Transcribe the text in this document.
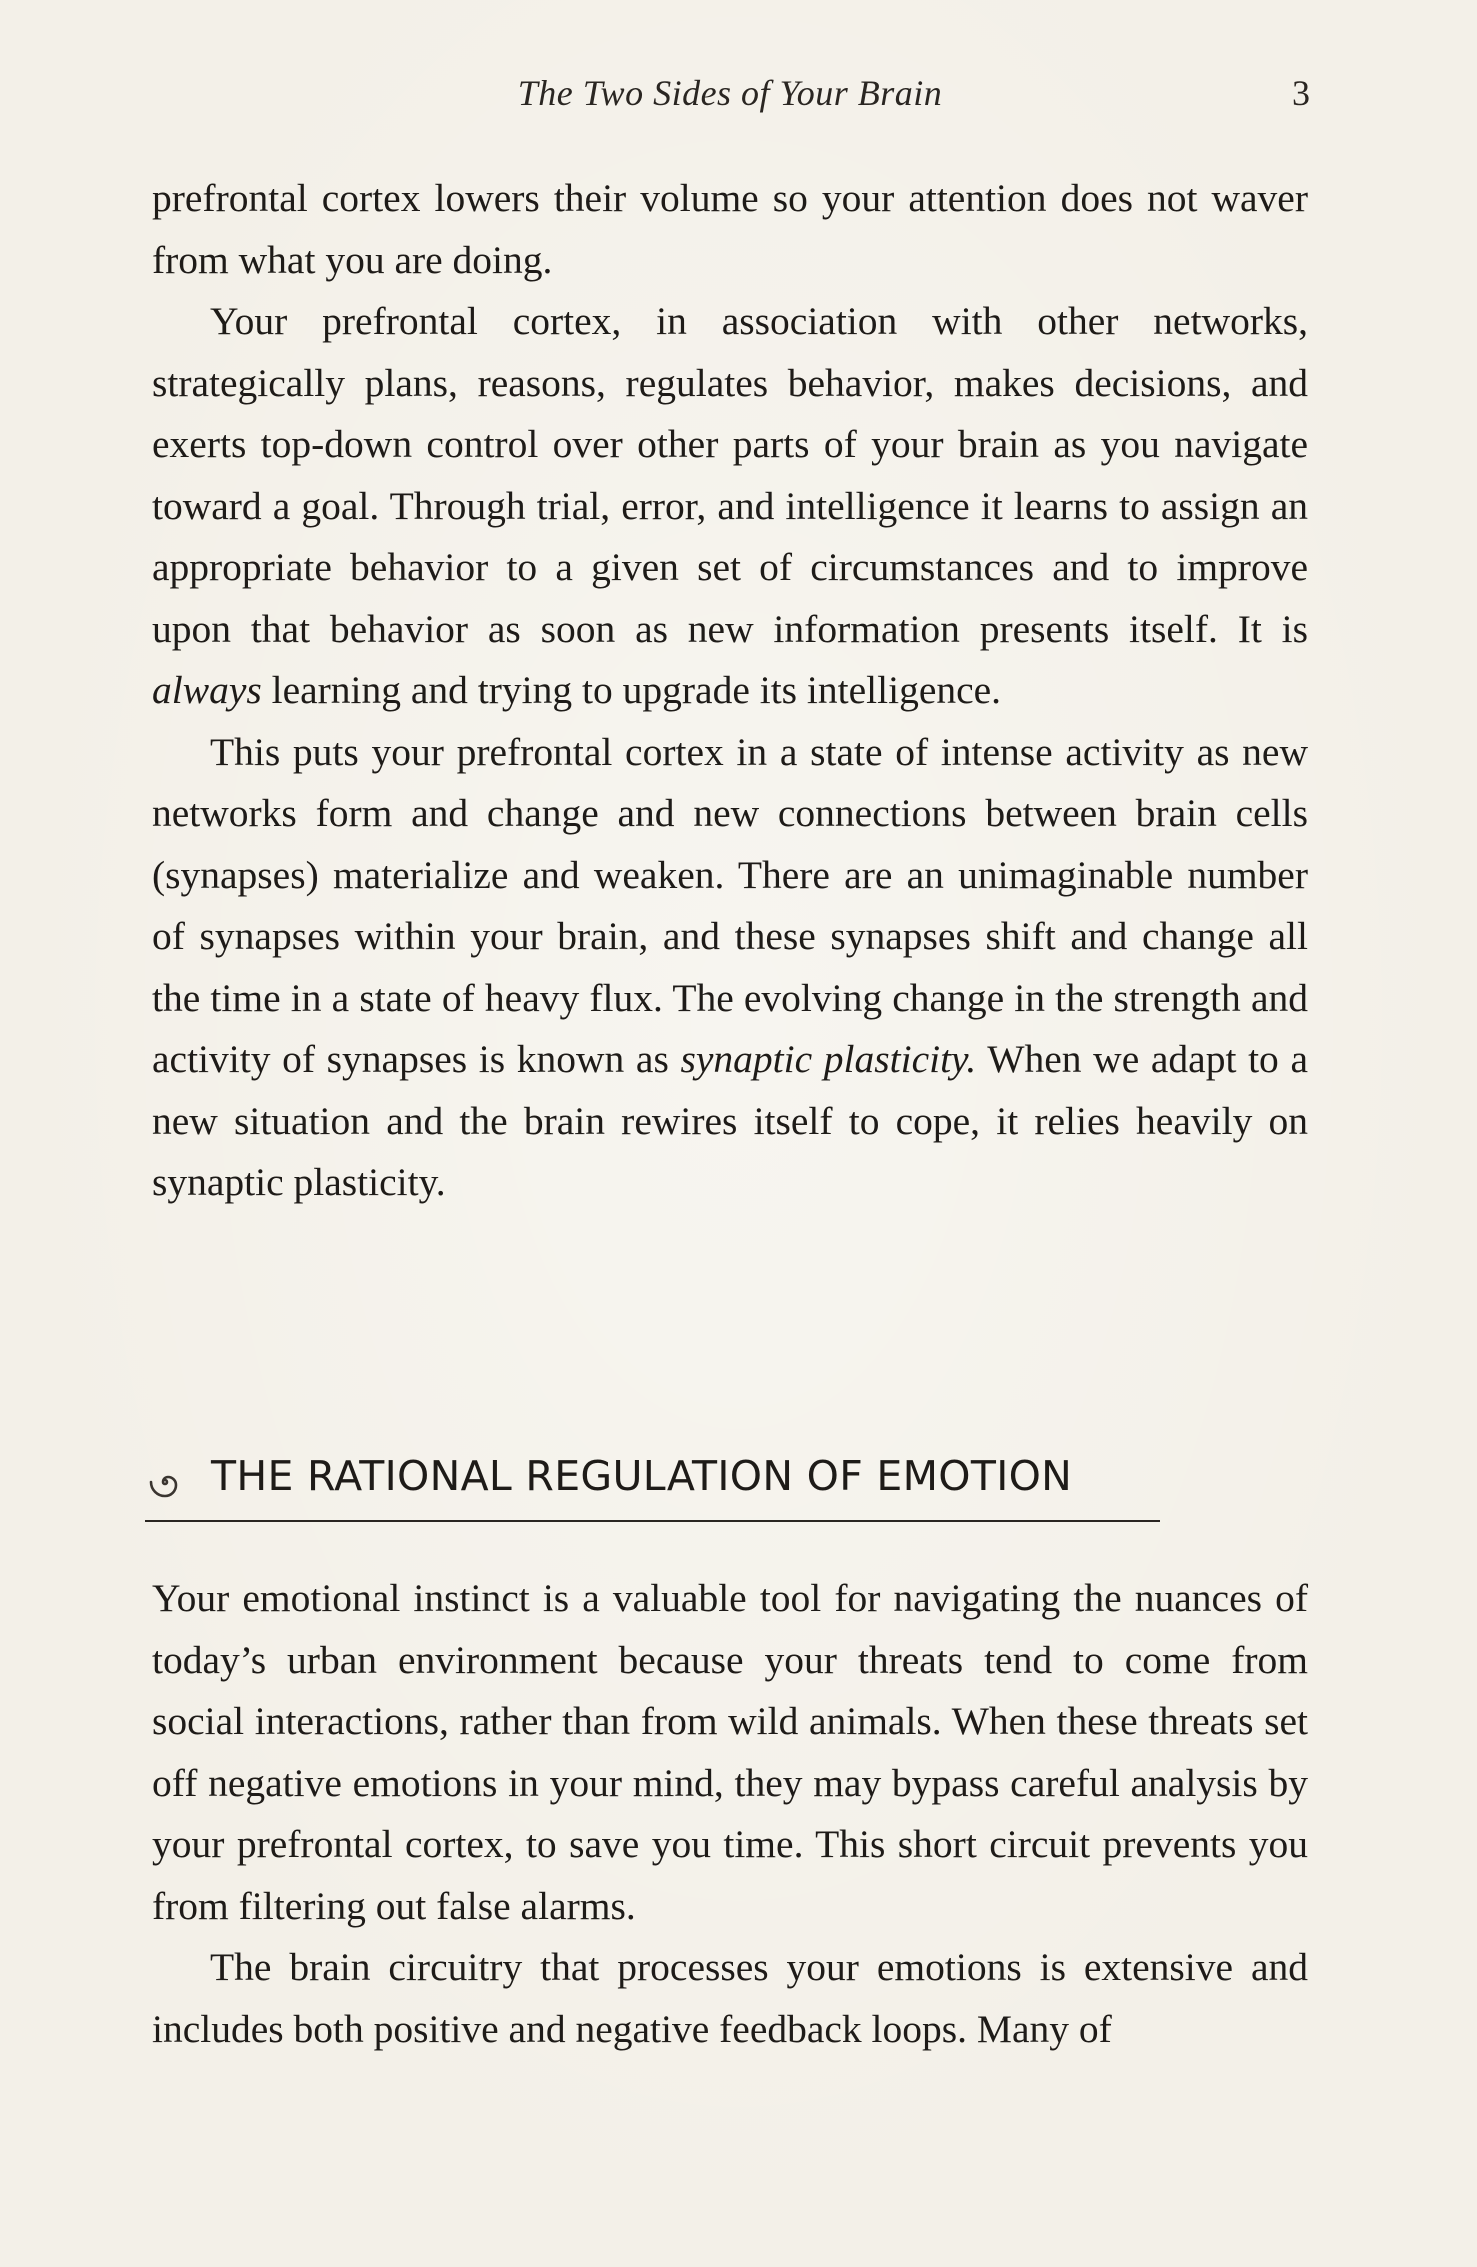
The Two Sides of Your Brain	3

prefrontal cortex lowers their volume so your attention does not waver from what you are doing.

Your prefrontal cortex, in association with other networks, strategically plans, reasons, regulates behavior, makes decisions, and exerts top-down control over other parts of your brain as you navigate toward a goal. Through trial, error, and intelligence it learns to assign an appropriate behavior to a given set of circumstances and to improve upon that behavior as soon as new information presents itself. It is always learning and trying to upgrade its intelligence.

This puts your prefrontal cortex in a state of intense activity as new networks form and change and new connections between brain cells (synapses) materialize and weaken. There are an unimaginable number of synapses within your brain, and these synapses shift and change all the time in a state of heavy flux. The evolving change in the strength and activity of synapses is known as synaptic plasticity. When we adapt to a new situation and the brain rewires itself to cope, it relies heavily on synaptic plasticity.

THE RATIONAL REGULATION OF EMOTION

Your emotional instinct is a valuable tool for navigating the nuances of today’s urban environment because your threats tend to come from social interactions, rather than from wild animals. When these threats set off negative emotions in your mind, they may bypass careful analysis by your prefrontal cortex, to save you time. This short circuit prevents you from filtering out false alarms.

The brain circuitry that processes your emotions is extensive and includes both positive and negative feedback loops. Many of
